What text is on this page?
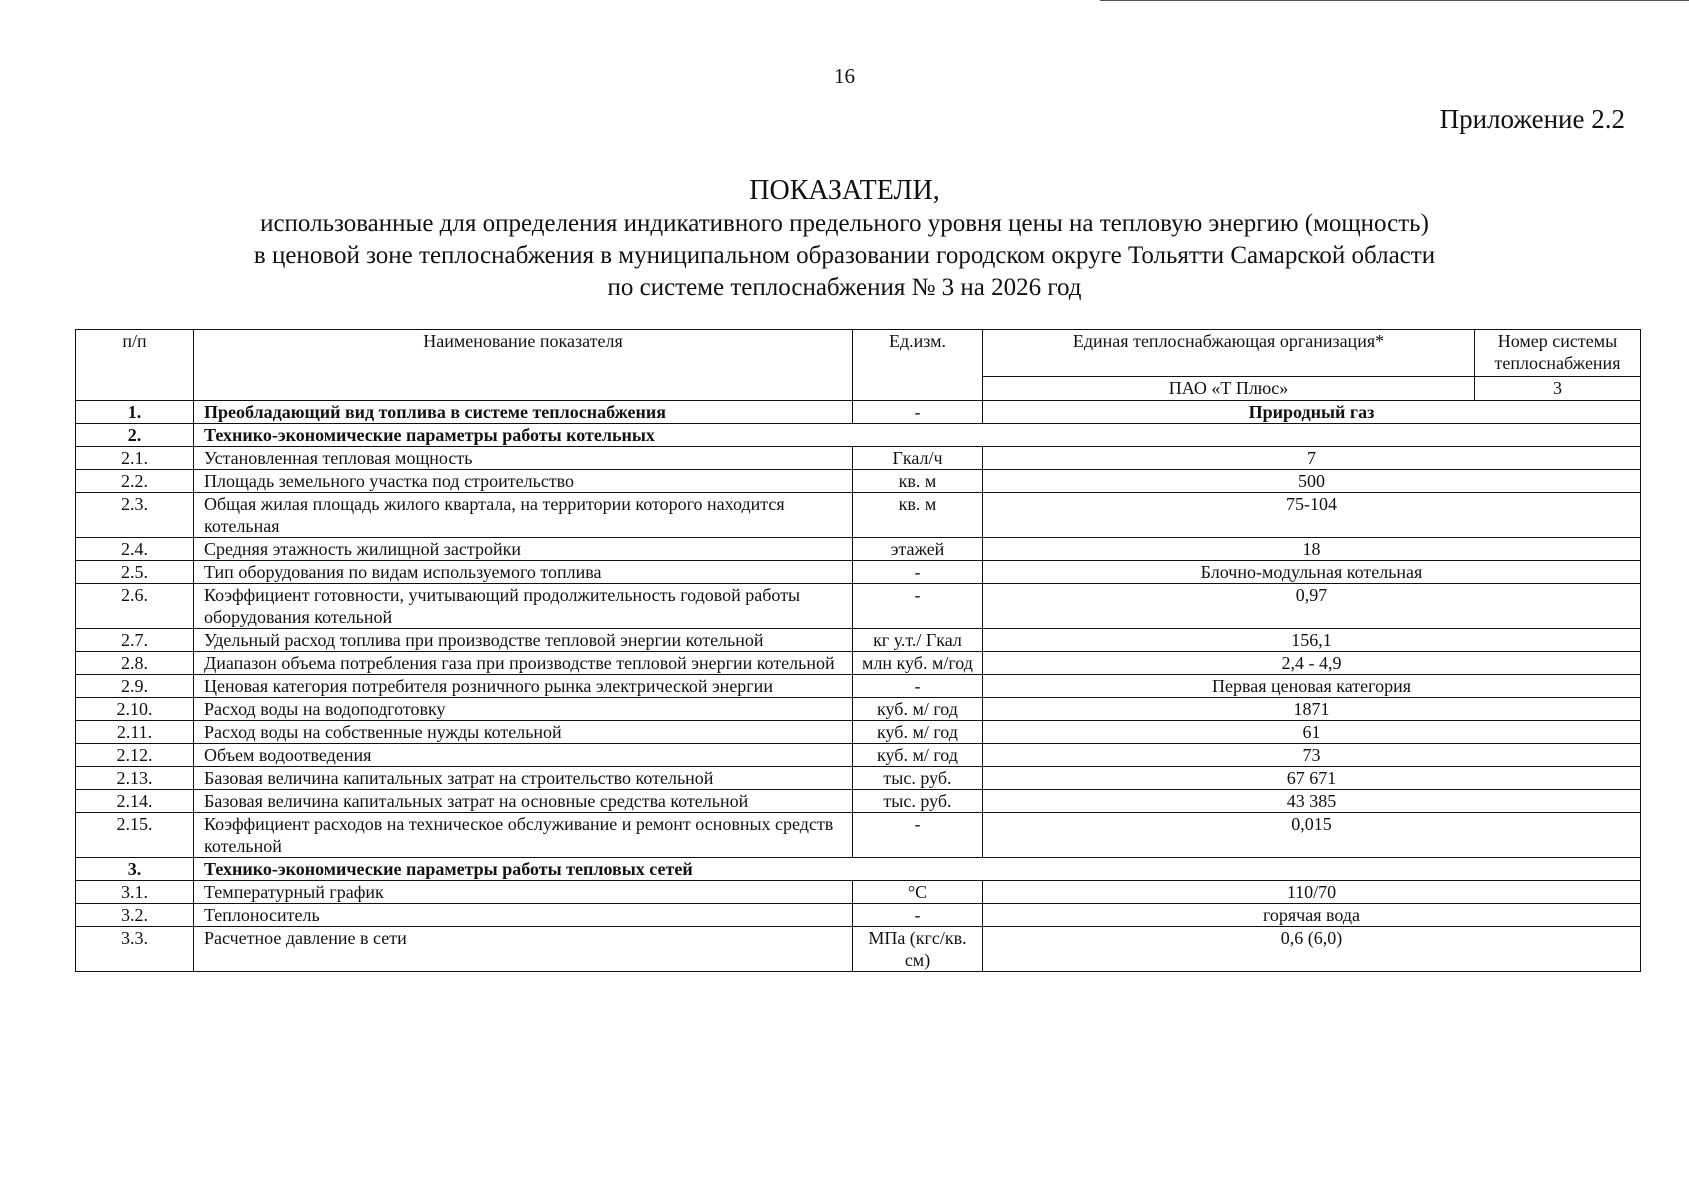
16
Приложение 2.2
ПОКАЗАТЕЛИ,
использованные для определения индикативного предельного уровня цены на тепловую энергию (мощность)
в ценовой зоне теплоснабжения в муниципальном образовании городском округе Тольятти Самарской области
по системе теплоснабжения № 3 на 2026 год
п/п	Наименование показателя	Ед.изм.	Единая теплоснабжающая организация*	Номер системы теплоснабжения
			ПАО «Т Плюс»	3
1.	Преобладающий вид топлива в системе теплоснабжения	-	Природный газ	
2.	Технико-экономические параметры работы котельных			
2.1.	Установленная тепловая мощность	Гкал/ч	7	
2.2.	Площадь земельного участка под строительство	кв. м	500	
2.3.	Общая жилая площадь жилого квартала, на территории которого находится котельная	кв. м	75-104	
2.4.	Средняя этажность жилищной застройки	этажей	18	
2.5.	Тип оборудования по видам используемого топлива	-	Блочно-модульная котельная	
2.6.	Коэффициент готовности, учитывающий продолжительность годовой работы оборудования котельной	-	0,97	
2.7.	Удельный расход топлива при производстве тепловой энергии котельной	кг у.т./ Гкал	156,1	
2.8.	Диапазон объема потребления газа при производстве тепловой энергии котельной	млн куб. м/год	2,4 - 4,9	
2.9.	Ценовая категория потребителя розничного рынка электрической энергии	-	Первая ценовая категория	
2.10.	Расход воды на водоподготовку	куб. м/ год	1871	
2.11.	Расход воды на собственные нужды котельной	куб. м/ год	61	
2.12.	Объем водоотведения	куб. м/ год	73	
2.13.	Базовая величина капитальных затрат на строительство котельной	тыс. руб.	67 671	
2.14.	Базовая величина капитальных затрат на основные средства котельной	тыс. руб.	43 385	
2.15.	Коэффициент расходов на техническое обслуживание и ремонт основных средств котельной	-	0,015	
3.	Технико-экономические параметры работы тепловых сетей			
3.1.	Температурный график	°С	110/70	
3.2.	Теплоноситель	-	горячая вода	
3.3.	Расчетное давление в сети	МПа (кгс/кв. см)	0,6 (6,0)	
